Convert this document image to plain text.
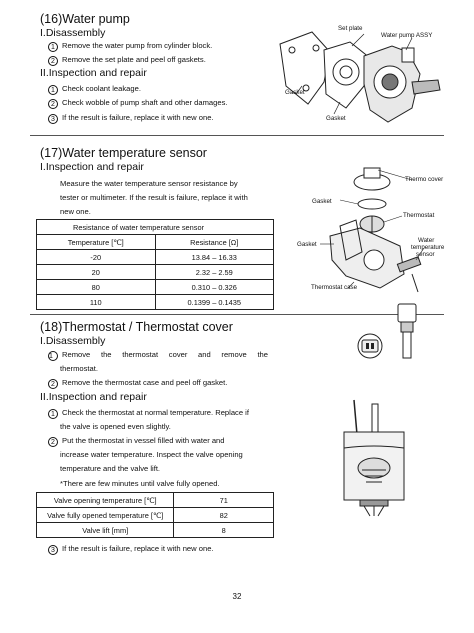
(16)Water pump
I.Disassembly
1 Remove the water pump from cylinder block.
2 Remove the set plate and peel off gaskets.
II.Inspection and repair
1 Check coolant leakage.
2 Check wobble of pump shaft and other damages.
3 If the result is failure, replace it with new one.
Set plate
Water pump ASSY
Gasket
Gasket
(17)Water temperature sensor
I.Inspection and repair
Measure the water temperature sensor resistance by
tester or multimeter. If the result is failure, replace it with
new one.
Resistance of water temperature sensor	
Temperature [℃]	Resistance [Ω]
-20	13.84 – 16.33
20	2.32 – 2.59
80	0.310 – 0.326
110	0.1399 – 0.1435
Thermo cover
Gasket
Thermostat
Gasket
Water
temperature
sensor
Thermostat case
(18)Thermostat / Thermostat cover
I.Disassembly
1 Remove the thermostat cover and remove the
thermostat.
2 Remove the thermostat case and peel off gasket.
II.Inspection and repair
1 Check the thermostat at normal temperature. Replace if
the valve is opened even slightly.
2 Put the thermostat in vessel filled with water and
increase water temperature. Inspect the valve opening
temperature and the valve lift.
*There are few minutes until valve fully opened.
Valve opening temperature [℃]	71
Valve fully opened temperature [℃]	82
Valve lift [mm]	8
3 If the result is failure, replace it with new one.
32
